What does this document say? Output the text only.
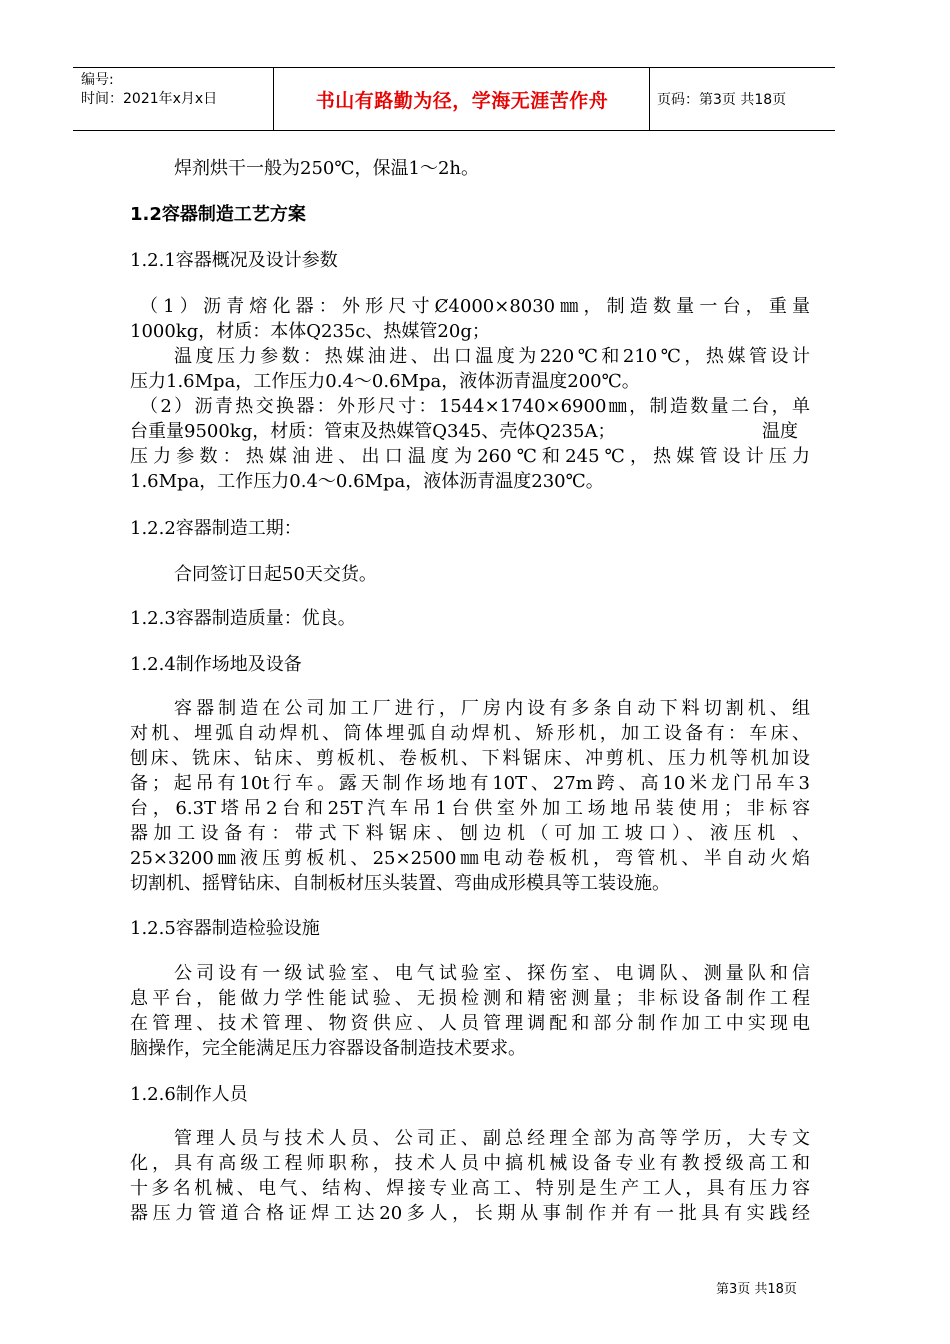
编号:
时间：2021年x月x日	书山有路勤为径，学海无涯苦作舟	页码：第3页 共18页
焊剂烘干一般为250℃，保温1～2h。
1.2容器制造工艺方案
1.2.1容器概况及设计参数
（1）沥青熔化器：外形尺寸Ȼ4000×8030㎜，制造数量一台，重量
1000kg，材质：本体Q235c、热媒管20g；
温度压力参数：热媒油进、出口温度为220℃和210℃，热媒管设计
压力1.6Mpa，工作压力0.4～0.6Mpa，液体沥青温度200℃。
（2）沥青热交换器：外形尺寸：1544×1740×6900㎜，制造数量二台，单
台重量9500kg，材质：管束及热媒管Q345、壳体Q235A；	温度
压力参数：热媒油进、出口温度为260℃和245℃，热媒管设计压力
1.6Mpa，工作压力0.4～0.6Mpa，液体沥青温度230℃。
1.2.2容器制造工期：
合同签订日起50天交货。
1.2.3容器制造质量：优良。
1.2.4制作场地及设备
容器制造在公司加工厂进行，厂房内设有多条自动下料切割机、组
对机、埋弧自动焊机、筒体埋弧自动焊机、矫形机，加工设备有：车床、
刨床、铣床、钻床、剪板机、卷板机、下料锯床、冲剪机、压力机等机加设
备；起吊有10t行车。露天制作场地有10T、27m跨、高10米龙门吊车3
台，6.3T塔吊2台和25T汽车吊1台供室外加工场地吊装使用；非标容
器加工设备有：带式下料锯床、刨边机（可加工坡口）、液压机 、
25×3200㎜液压剪板机、25×2500㎜电动卷板机，弯管机、半自动火焰
切割机、摇臂钻床、自制板材压头装置、弯曲成形模具等工装设施。
1.2.5容器制造检验设施
公司设有一级试验室、电气试验室、探伤室、电调队、测量队和信
息平台，能做力学性能试验、无损检测和精密测量；非标设备制作工程
在管理、技术管理、物资供应、人员管理调配和部分制作加工中实现电
脑操作，完全能满足压力容器设备制造技术要求。
1.2.6制作人员
管理人员与技术人员、公司正、副总经理全部为高等学历，大专文
化，具有高级工程师职称，技术人员中搞机械设备专业有教授级高工和
十多名机械、电气、结构、焊接专业高工、特别是生产工人，具有压力容
器压力管道合格证焊工达20多人，长期从事制作并有一批具有实践经
第3页 共18页
